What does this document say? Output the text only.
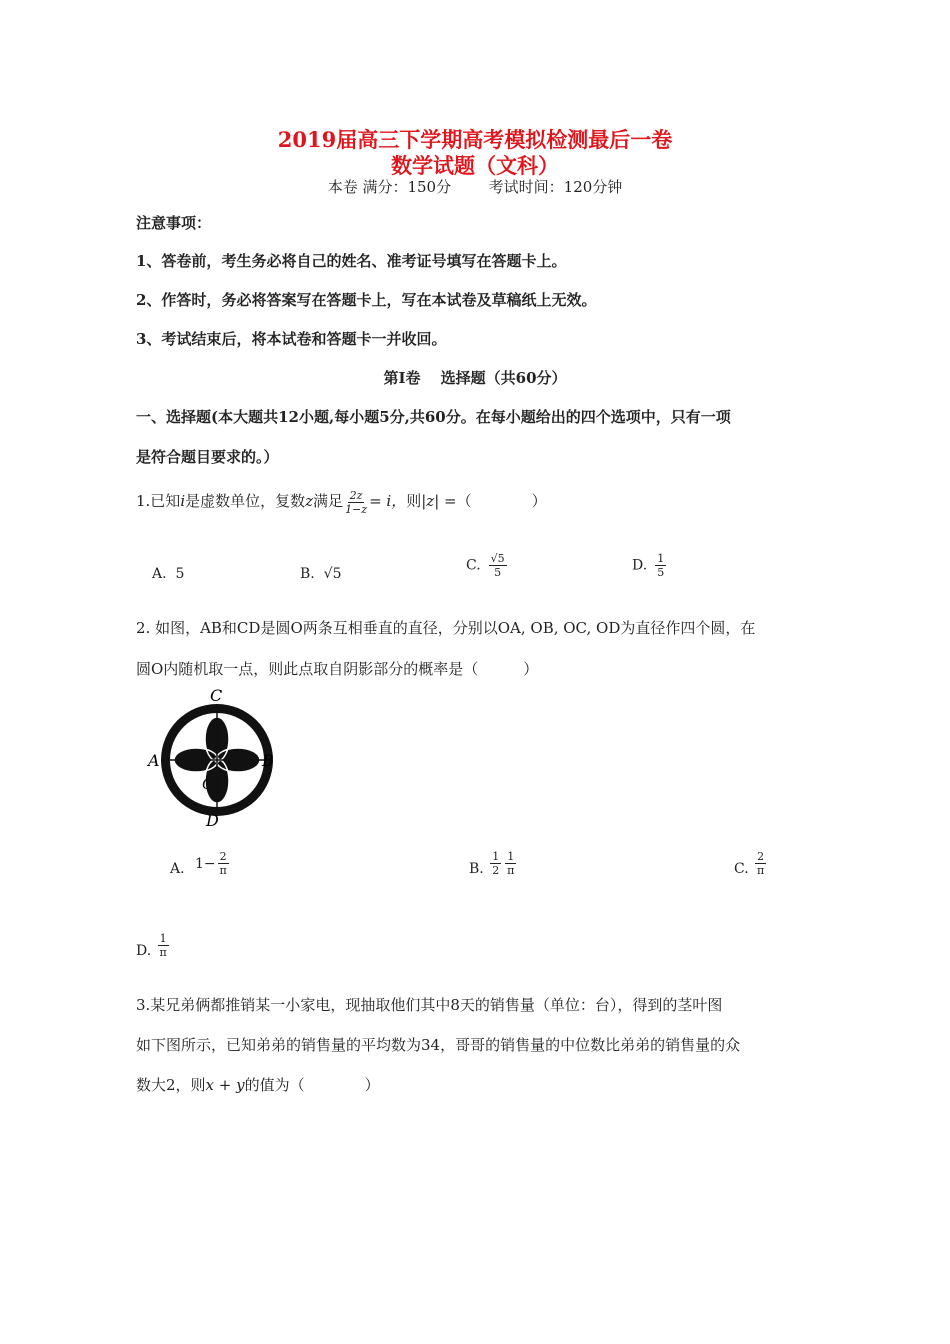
2019届高三下学期高考模拟检测最后一卷
数学试题（文科）
本卷 满分：150分	考试时间：120分钟
注意事项：
1、答卷前，考生务必将自己的姓名、准考证号填写在答题卡上。
2、作答时，务必将答案写在答题卡上，写在本试卷及草稿纸上无效。
3、考试结束后，将本试卷和答题卡一并收回。
第I卷　 选择题（共60分）
一、选择题(本大题共12小题,每小题5分,共60分。在每小题给出的四个选项中，只有一项
是符合题目要求的。）
1.已知i是虚数单位，复数z满足 $\frac{2z}{1-z} = i$，则|z| =（　　　　）
A. 5	B. √5
C. $\frac{√5}{5}$	D. $\frac{1}{5}$
2. 如图，AB和CD是圆O两条互相垂直的直径，分别以OA, OB, OC, OD为直径作四个圆，在
圆O内随机取一点，则此点取自阴影部分的概率是（　　　）
C
A	B
O
D
A. $1- \frac{2}{\pi}$	B. $\frac{1}{2} \frac{1}{\pi}$	C. $\frac{2}{\pi}$
D. $\frac{1}{\pi}$
3.某兄弟俩都推销某一小家电，现抽取他们其中8天的销售量（单位：台），得到的茎叶图
如下图所示，已知弟弟的销售量的平均数为34，哥哥的销售量的中位数比弟弟的销售量的众
数大2，则x + y的值为（　　　　）
